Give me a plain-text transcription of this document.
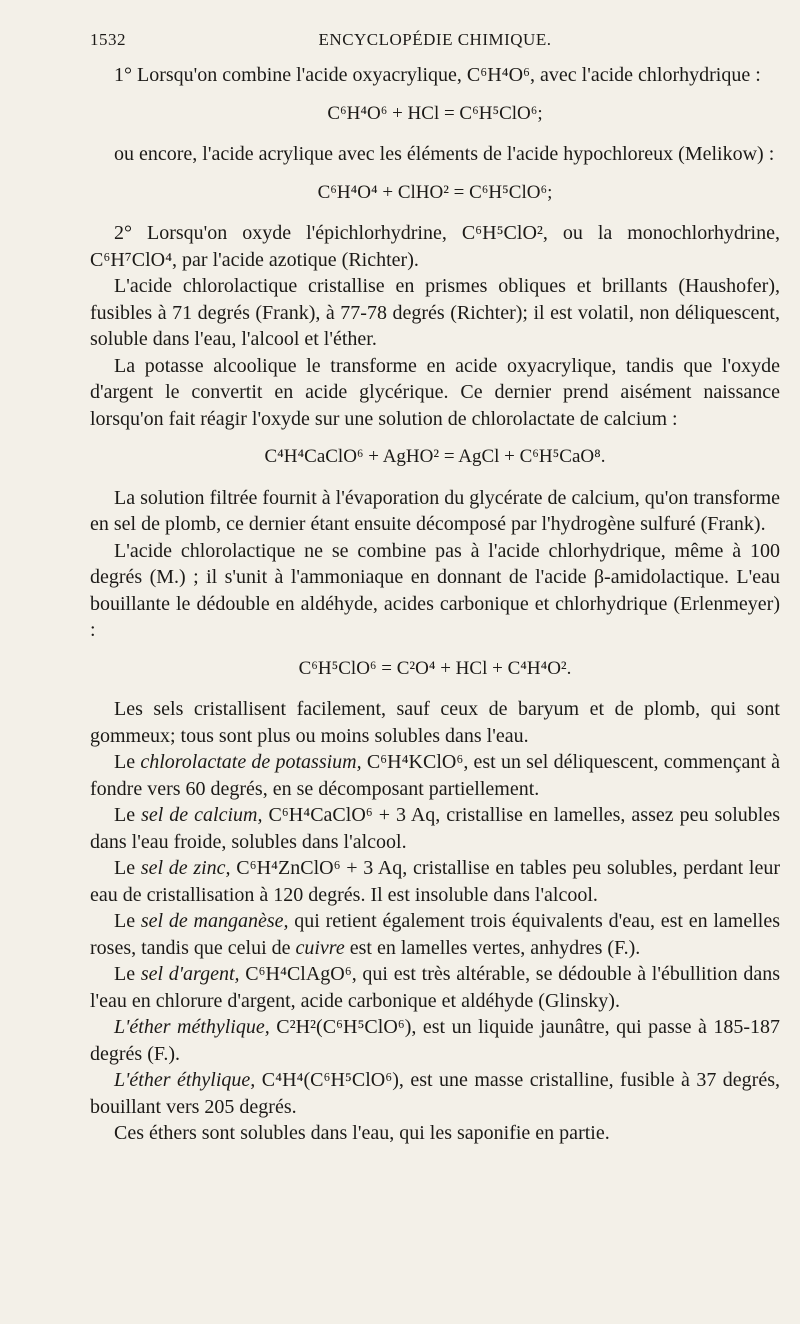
1532	ENCYCLOPÉDIE CHIMIQUE.

1° Lorsqu'on combine l'acide oxyacrylique, C⁶H⁴O⁶, avec l'acide chlorhydrique :

C⁶H⁴O⁶ + HCl = C⁶H⁵ClO⁶;

ou encore, l'acide acrylique avec les éléments de l'acide hypochloreux (Melikow) :

C⁶H⁴O⁴ + ClHO² = C⁶H⁵ClO⁶;

2° Lorsqu'on oxyde l'épichlorhydrine, C⁶H⁵ClO², ou la monochlorhydrine, C⁶H⁷ClO⁴, par l'acide azotique (Richter).

L'acide chlorolactique cristallise en prismes obliques et brillants (Haushofer), fusibles à 71 degrés (Frank), à 77-78 degrés (Richter); il est volatil, non déliquescent, soluble dans l'eau, l'alcool et l'éther.

La potasse alcoolique le transforme en acide oxyacrylique, tandis que l'oxyde d'argent le convertit en acide glycérique. Ce dernier prend aisément naissance lorsqu'on fait réagir l'oxyde sur une solution de chlorolactate de calcium :

C⁴H⁴CaClO⁶ + AgHO² = AgCl + C⁶H⁵CaO⁸.

La solution filtrée fournit à l'évaporation du glycérate de calcium, qu'on transforme en sel de plomb, ce dernier étant ensuite décomposé par l'hydrogène sulfuré (Frank).

L'acide chlorolactique ne se combine pas à l'acide chlorhydrique, même à 100 degrés (M.) ; il s'unit à l'ammoniaque en donnant de l'acide β-amidolactique. L'eau bouillante le dédouble en aldéhyde, acides carbonique et chlorhydrique (Erlenmeyer) :

C⁶H⁵ClO⁶ = C²O⁴ + HCl + C⁴H⁴O².

Les sels cristallisent facilement, sauf ceux de baryum et de plomb, qui sont gommeux; tous sont plus ou moins solubles dans l'eau.

Le chlorolactate de potassium, C⁶H⁴KClO⁶, est un sel déliquescent, commençant à fondre vers 60 degrés, en se décomposant partiellement.

Le sel de calcium, C⁶H⁴CaClO⁶ + 3 Aq, cristallise en lamelles, assez peu solubles dans l'eau froide, solubles dans l'alcool.

Le sel de zinc, C⁶H⁴ZnClO⁶ + 3 Aq, cristallise en tables peu solubles, perdant leur eau de cristallisation à 120 degrés. Il est insoluble dans l'alcool.

Le sel de manganèse, qui retient également trois équivalents d'eau, est en lamelles roses, tandis que celui de cuivre est en lamelles vertes, anhydres (F.).

Le sel d'argent, C⁶H⁴ClAgO⁶, qui est très altérable, se dédouble à l'ébullition dans l'eau en chlorure d'argent, acide carbonique et aldéhyde (Glinsky).

L'éther méthylique, C²H²(C⁶H⁵ClO⁶), est un liquide jaunâtre, qui passe à 185-187 degrés (F.).

L'éther éthylique, C⁴H⁴(C⁶H⁵ClO⁶), est une masse cristalline, fusible à 37 degrés, bouillant vers 205 degrés.

Ces éthers sont solubles dans l'eau, qui les saponifie en partie.
